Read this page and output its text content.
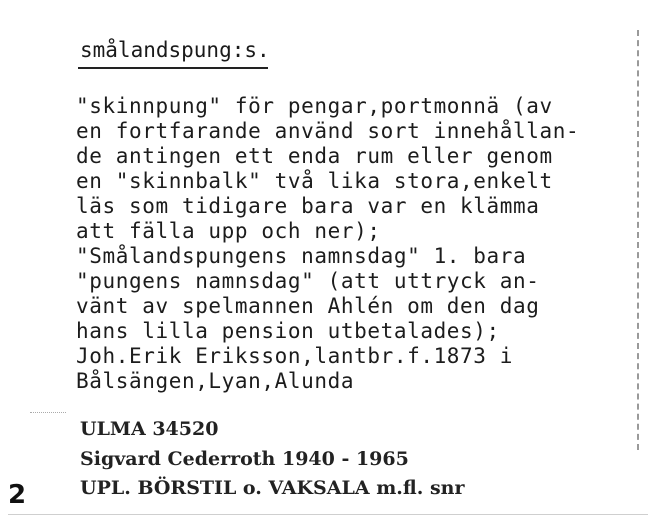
smålandspung:s.
"skinnpung" för pengar,portmonnä (av
en fortfarande använd sort innehållan-
de antingen ett enda rum eller genom
en "skinnbalk" två lika stora,enkelt
läs som tidigare bara var en klämma
att fälla upp och ner);
"Smålandspungens namnsdag" 1. bara
"pungens namnsdag" (att uttryck an-
vänt av spelmannen Ahlén om den dag
hans lilla pension utbetalades);
Joh.Erik Eriksson,lantbr.f.1873 i
Bålsängen,Lyan,Alunda
ULMA 34520
Sigvard Cederroth 1940 - 1965
UPL. BÖRSTIL o. VAKSALA m.fl. snr
2
